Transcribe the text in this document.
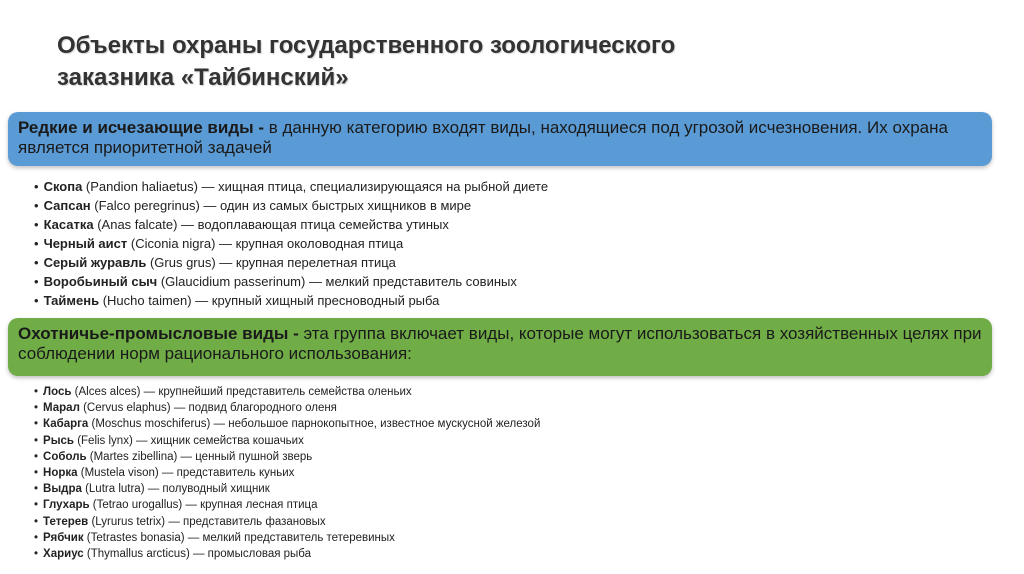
Объекты охраны государственного зоологического
заказника «Тайбинский»
Редкие и исчезающие виды - в данную категорию входят виды, находящиеся под угрозой исчезновения. Их охрана является приоритетной задачей
• Скопа (Pandion haliaetus) — хищная птица, специализирующаяся на рыбной диете
• Сапсан (Falco peregrinus) — один из самых быстрых хищников в мире
• Касатка (Anas falcate) — водоплавающая птица семейства утиных
• Черный аист (Ciconia nigra) — крупная околоводная птица
• Серый журавль (Grus grus) — крупная перелетная птица
• Воробьиный сыч (Glaucidium passerinum) — мелкий представитель совиных
• Таймень (Hucho taimen) — крупный хищный пресноводный рыба
Охотничье-промысловые виды - эта группа включает виды, которые могут использоваться в хозяйственных целях при соблюдении норм рационального использования:
• Лось (Alces alces) — крупнейший представитель семейства оленьих
• Марал (Cervus elaphus) — подвид благородного оленя
• Кабарга (Moschus moschiferus) — небольшое парнокопытное, известное мускусной железой
• Рысь (Felis lynx) — хищник семейства кошачьих
• Соболь (Martes zibellina) — ценный пушной зверь
• Норка (Mustela vison) — представитель куньих
• Выдра (Lutra lutra) — полуводный хищник
• Глухарь (Tetrao urogallus) — крупная лесная птица
• Тетерев (Lyrurus tetrix) — представитель фазановых
• Рябчик (Tetrastes bonasia) — мелкий представитель тетеревиных
• Хариус (Thymallus arcticus) — промысловая рыба
